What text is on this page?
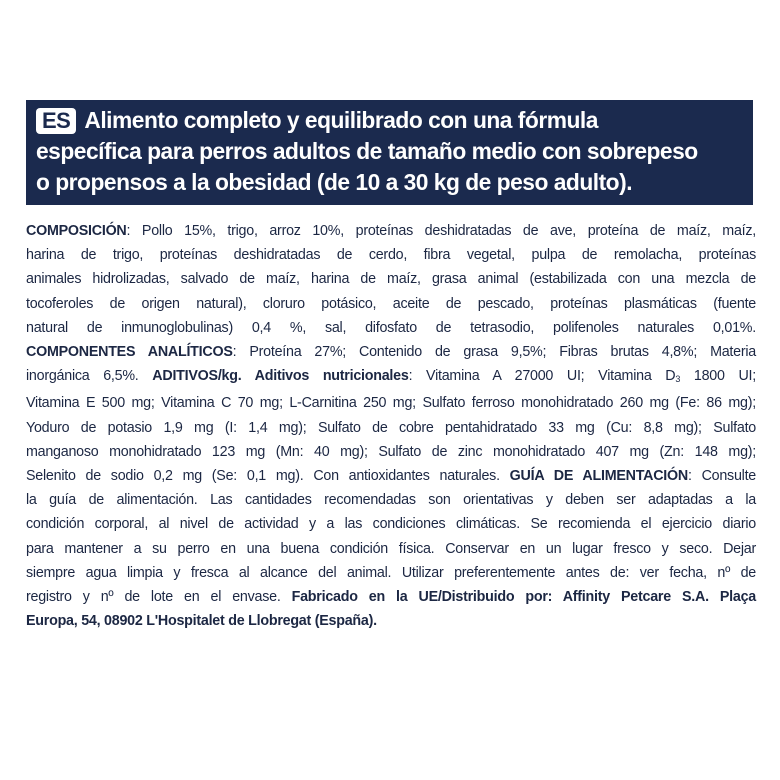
ES Alimento completo y equilibrado con una fórmula
específica para perros adultos de tamaño medio con sobrepeso
o propensos a la obesidad (de 10 a 30 kg de peso adulto).
COMPOSICIÓN: Pollo 15%, trigo, arroz 10%, proteínas deshidratadas de ave, proteína de maíz, maíz,
harina de trigo, proteínas deshidratadas de cerdo, fibra vegetal, pulpa de remolacha, proteínas
animales hidrolizadas, salvado de maíz, harina de maíz, grasa animal (estabilizada con una mezcla de
tocoferoles de origen natural), cloruro potásico, aceite de pescado, proteínas plasmáticas (fuente
natural de inmunoglobulinas) 0,4 %, sal, difosfato de tetrasodio, polifenoles naturales 0,01%.
COMPONENTES ANALÍTICOS: Proteína 27%; Contenido de grasa 9,5%; Fibras brutas 4,8%; Materia
inorgánica 6,5%. ADITIVOS/kg. Aditivos nutricionales: Vitamina A 27000 UI; Vitamina $D_3$ 1800 UI;
Vitamina E 500 mg; Vitamina C 70 mg; L-Carnitina 250 mg; Sulfato ferroso monohidratado 260 mg (Fe: 86 mg);
Yoduro de potasio 1,9 mg (I: 1,4 mg); Sulfato de cobre pentahidratado 33 mg (Cu: 8,8 mg); Sulfato
manganoso monohidratado 123 mg (Mn: 40 mg); Sulfato de zinc monohidratado 407 mg (Zn: 148 mg);
Selenito de sodio 0,2 mg (Se: 0,1 mg). Con antioxidantes naturales. GUÍA DE ALIMENTACIÓN: Consulte
la guía de alimentación. Las cantidades recomendadas son orientativas y deben ser adaptadas a la
condición corporal, al nivel de actividad y a las condiciones climáticas. Se recomienda el ejercicio diario
para mantener a su perro en una buena condición física. Conservar en un lugar fresco y seco. Dejar
siempre agua limpia y fresca al alcance del animal. Utilizar preferentemente antes de: ver fecha, nº de
registro y nº de lote en el envase. Fabricado en la UE/Distribuido por: Affinity Petcare S.A. Plaça
Europa, 54, 08902 L'Hospitalet de Llobregat (España).
